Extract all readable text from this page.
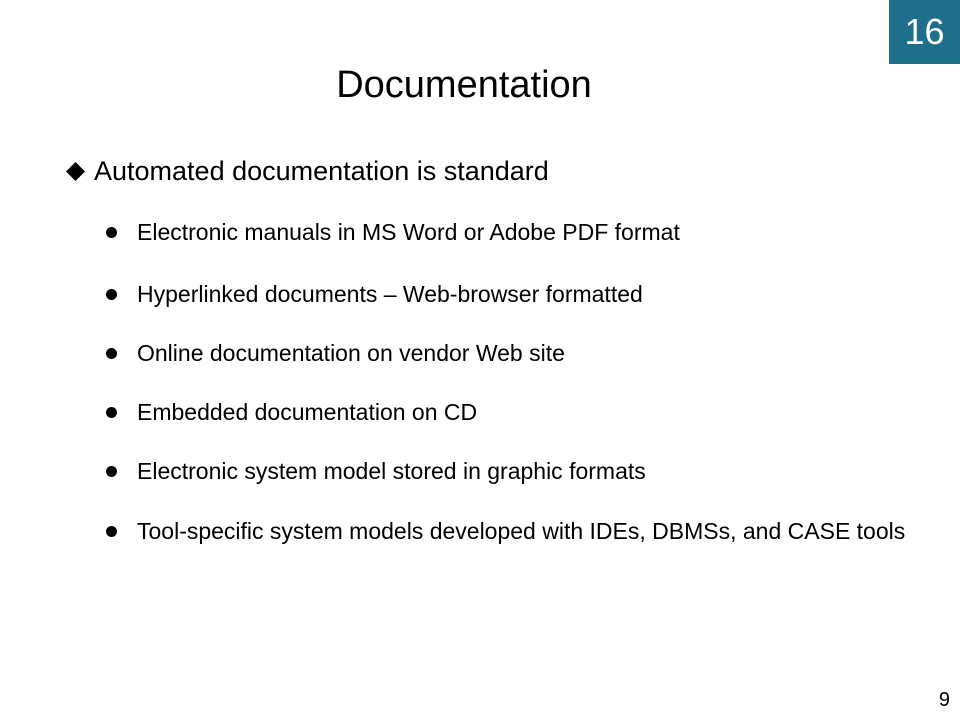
16
Documentation
Automated documentation is standard
Electronic manuals in MS Word or Adobe PDF format
Hyperlinked documents – Web-browser formatted
Online documentation on vendor Web site
Embedded documentation on CD
Electronic system model stored in graphic formats
Tool-specific system models developed with IDEs, DBMSs, and CASE tools
9
